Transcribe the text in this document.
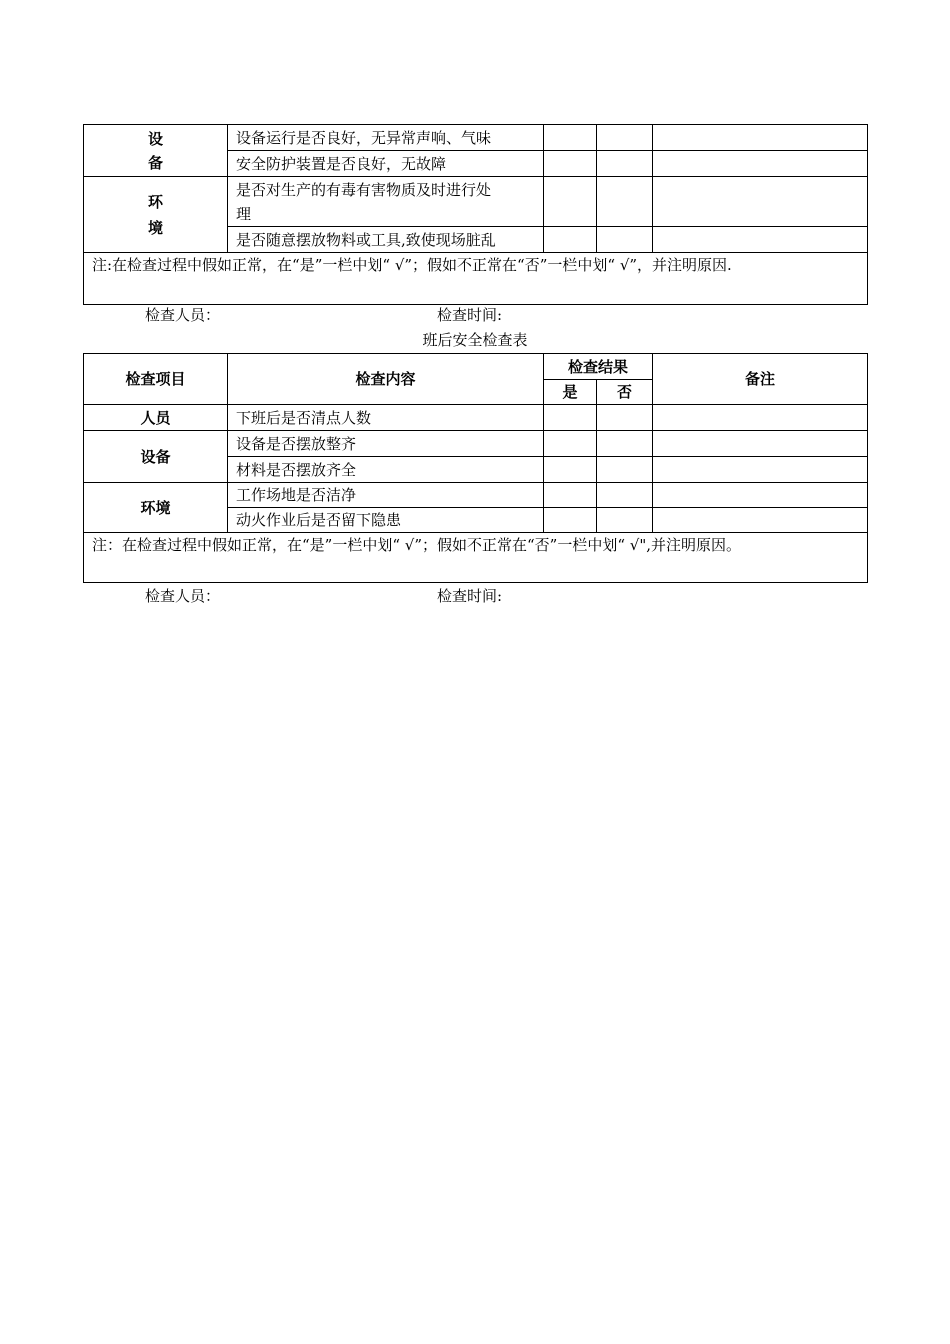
设
备	设备运行是否良好，无异常声响、气味			
	安全防护装置是否良好，无故障			

环
境	是否对生产的有毒有害物质及时进行处
理			

	是否随意摆放物料或工具,致使现场脏乱			
注:在检查过程中假如正常，在“是”一栏中划“ √”；假如不正常在“否”一栏中划“ √”，并注明原因.				
检查人员：	检查时间:
班后安全检查表
检查项目	检查内容	检查结果		备注
		是	否	
人员	下班后是否清点人数			
设备	设备是否摆放整齐			
	材料是否摆放齐全			
环境	工作场地是否洁净			
	动火作业后是否留下隐患			
注：在检查过程中假如正常，在“是”一栏中划“ √”；假如不正常在“否”一栏中划“ √",并注明原因。				
检查人员：	检查时间:
